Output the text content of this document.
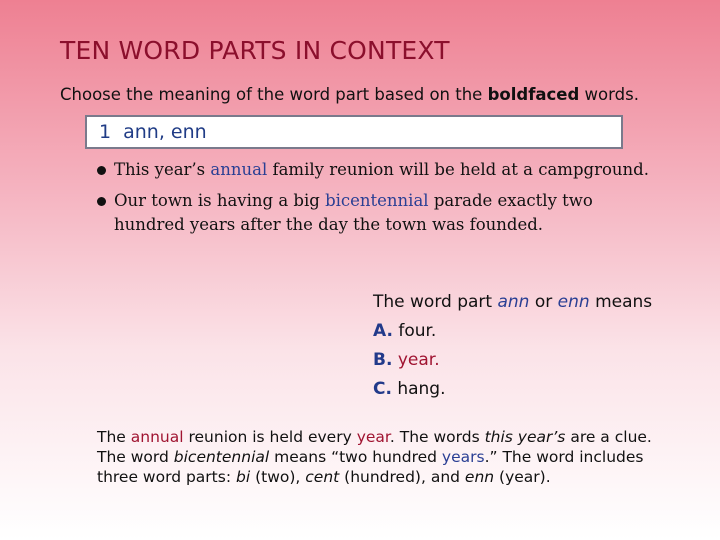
TEN WORD PARTS IN CONTEXT
Choose the meaning of the word part based on the boldfaced words.
1 ann, enn
This year’s annual family reunion will be held at a campground.
Our town is having a big bicentennial parade exactly two hundred years after the day the town was founded.
The word part ann or enn means
A. four.
B. year.
C. hang.
The annual reunion is held every year. The words this year’s are a clue. The word bicentennial means “two hundred years.” The word includes three word parts: bi (two), cent (hundred), and enn (year).
